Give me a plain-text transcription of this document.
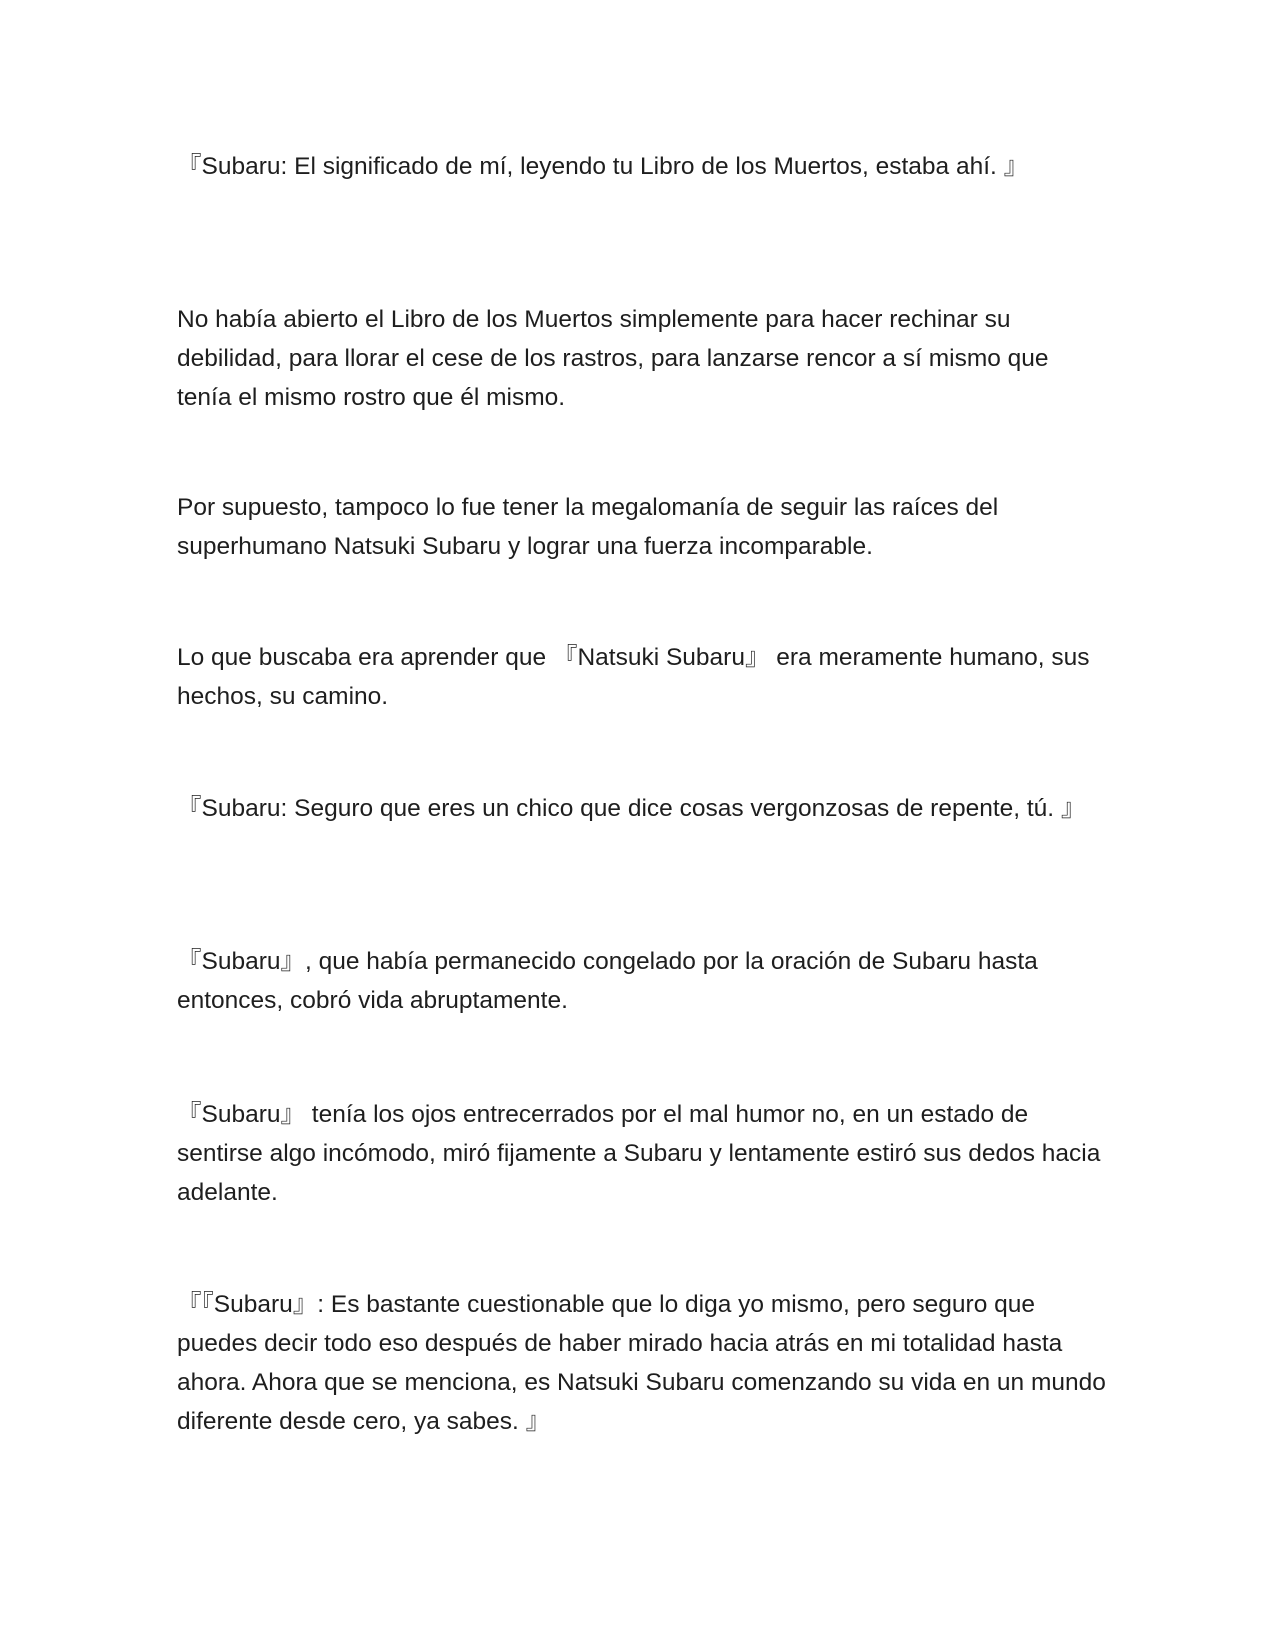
『Subaru: El significado de mí, leyendo tu Libro de los Muertos, estaba ahí. 』

No había abierto el Libro de los Muertos simplemente para hacer rechinar su debilidad, para llorar el cese de los rastros, para lanzarse rencor a sí mismo que tenía el mismo rostro que él mismo.

Por supuesto, tampoco lo fue tener la megalomanía de seguir las raíces del superhumano Natsuki Subaru y lograr una fuerza incomparable.

Lo que buscaba era aprender que 『Natsuki Subaru』 era meramente humano, sus hechos, su camino.

『Subaru: Seguro que eres un chico que dice cosas vergonzosas de repente, tú. 』

『Subaru』, que había permanecido congelado por la oración de Subaru hasta entonces, cobró vida abruptamente.

『Subaru』 tenía los ojos entrecerrados por el mal humor no, en un estado de sentirse algo incómodo, miró fijamente a Subaru y lentamente estiró sus dedos hacia adelante.

『『Subaru』: Es bastante cuestionable que lo diga yo mismo, pero seguro que puedes decir todo eso después de haber mirado hacia atrás en mi totalidad hasta ahora. Ahora que se menciona, es Natsuki Subaru comenzando su vida en un mundo diferente desde cero, ya sabes. 』
